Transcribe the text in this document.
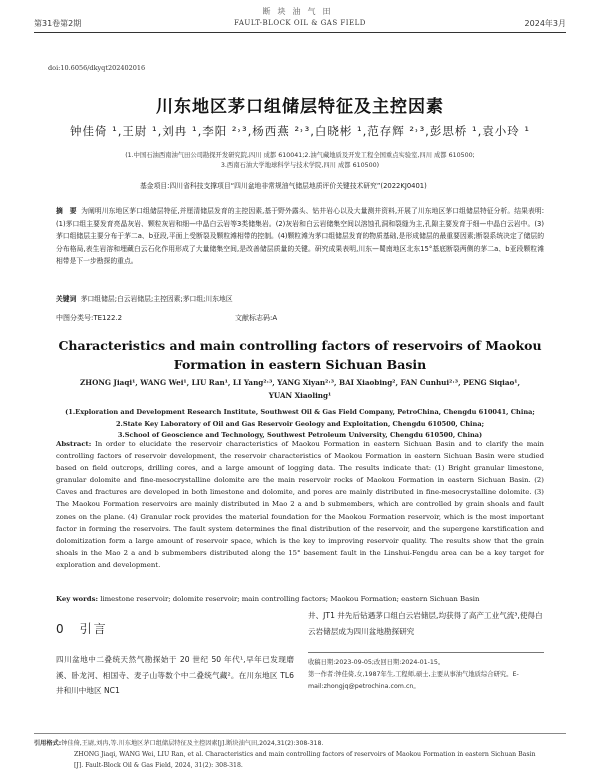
断块油气田
第31卷第2期	FAULT-BLOCK OIL & GAS FIELD	2024年3月
doi:10.6056/dkyqt202402016
川东地区茅口组储层特征及主控因素
钟佳倚 ¹,王尉 ¹,刘冉 ¹,李阳 ²˒³,杨西燕 ²˒³,白晓彬 ¹,范存辉 ²˒³,彭思桥 ¹,袁小玲 ¹
(1.中国石油西南油气田公司勘探开发研究院,四川 成都 610041;2.油气藏地质及开发工程全国重点实验室,四川 成都 610500;
3.西南石油大学地球科学与技术学院,四川 成都 610500)
基金项目:四川省科技支撑项目“四川盆地非常规油气储层地质评价关键技术研究”(2022KJ0401)
摘　要 为阐明川东地区茅口组储层特征,并厘清储层发育的主控因素,基于野外露头、钻井岩心以及大量测井资料,开展了川东地区茅口组储层特征分析。结果表明:(1)茅口组主要发育亮晶灰岩、颗粒灰岩和细—中晶白云岩等3类储集岩。(2)灰岩和白云岩储集空间以溶蚀孔洞和裂缝为主,孔隙主要发育于细—中晶白云岩中。(3)茅口组储层主要分布于茅二a、b亚段,平面上受断裂及颗粒滩相带的控制。(4)颗粒滩为茅口组储层发育的物质基础,是形成储层的最重要因素;断裂系统决定了储层的分布格局,表生岩溶和埋藏白云石化作用形成了大量储集空间,是改善储层质量的关键。研究成果表明,川东—蜀南地区北东15°基底断裂两侧的茅二a、b亚段颗粒滩相带是下一步勘探的重点。
关键词 茅口组储层;白云岩储层;主控因素;茅口组;川东地区
中图分类号:TE122.2	文献标志码:A
Characteristics and main controlling factors of reservoirs of Maokou Formation in eastern Sichuan Basin
ZHONG Jiaqi¹, WANG Wei¹, LIU Ran¹, LI Yang²˒³, YANG Xiyan²˒³, BAI Xiaobing², FAN Cunhui²˒³, PENG Siqiao¹,
YUAN Xiaoling¹
(1.Exploration and Development Research Institute, Southwest Oil & Gas Field Company, PetroChina, Chengdu 610041, China;
2.State Key Laboratory of Oil and Gas Reservoir Geology and Exploitation, Chengdu 610500, China;
3.School of Geoscience and Technology, Southwest Petroleum University, Chengdu 610500, China)
Abstract: In order to elucidate the reservoir characteristics of Maokou Formation in eastern Sichuan Basin and to clarify the main controlling factors of reservoir development, the reservoir characteristics of Maokou Formation in eastern Sichuan Basin were studied based on field outcrops, drilling cores, and a large amount of logging data. The results indicate that: (1) Bright granular limestone, granular dolomite and fine-mesocrystalline dolomite are the main reservoir rocks of Maokou Formation in eastern Sichuan Basin. (2) Caves and fractures are developed in both limestone and dolomite, and pores are mainly distributed in fine-mesocrystalline dolomite. (3) The Maokou Formation reservoirs are mainly distributed in Mao 2 a and b submembers, which are controlled by grain shoals and fault zones on the plane. (4) Granular rock provides the material foundation for the Maokou Formation reservoir, which is the most important factor in forming the reservoirs. The fault system determines the final distribution of the reservoir, and the supergene karstification and dolomitization form a large amount of reservoir space, which is the key to improving reservoir quality. The results show that the grain shoals in the Mao 2 a and b submembers distributed along the 15° basement fault in the Linshui-Fengdu area can be a key target for exploration and development.
Key words: limestone reservoir; dolomite reservoir; main controlling factors; Maokou Formation; eastern Sichuan Basin
0　引言
四川盆地中二叠统天然气勘探始于 20 世纪 50 年代¹,早年已发现磨溪、卧龙河、相国寺、麦子山等数个中二叠统气藏²。在川东地区 TL6 井和川中地区 NC1
井、JT1 井先后钻遇茅口组白云岩储层,均获得了高产工业气流³,使得白云岩储层成为四川盆地勘探研究
收稿日期:2023-09-05;改回日期:2024-01-15。
第一作者:钟佳倚,女,1987年生,工程师,硕士,主要从事油气地质综合研究。E-mail:zhongjq@petrochina.com.cn。
引用格式:钟佳倚,王尉,刘冉,等.川东地区茅口组储层特征及主控因素[J].断块油气田,2024,31(2):308-318.
ZHONG Jiaqi, WANG Wei, LIU Ran, et al. Characteristics and main controlling factors of reservoirs of Maokou Formation in eastern Sichuan Basin
[J]. Fault-Block Oil & Gas Field, 2024, 31(2): 308-318.
